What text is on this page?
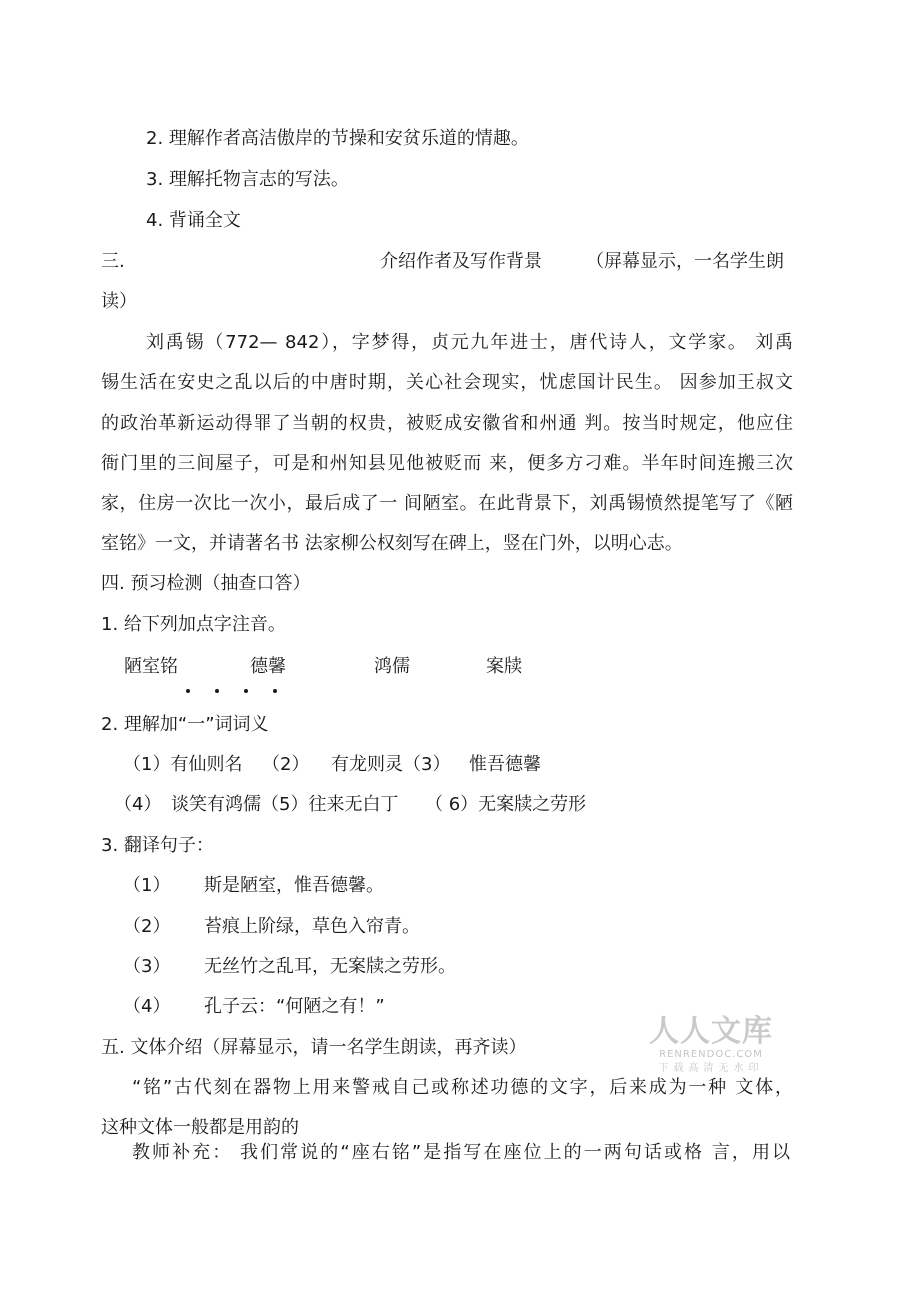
2. 理解作者高洁傲岸的节操和安贫乐道的情趣。
3. 理解托物言志的写法。
4. 背诵全文
三.	介绍作者及写作背景 （屏幕显示，一名学生朗
读）
刘禹锡（772— 842），字梦得，贞元九年进士，唐代诗人，文学家。 刘禹
锡生活在安史之乱以后的中唐时期，关心社会现实，忧虑国计民生。 因参加王叔文
的政治革新运动得罪了当朝的权贵，被贬成安徽省和州通 判。按当时规定，他应住
衙门里的三间屋子，可是和州知县见他被贬而 来，便多方刁难。半年时间连搬三次
家，住房一次比一次小，最后成了一 间陋室。在此背景下，刘禹锡愤然提笔写了《陋
室铭》一文，并请著名书 法家柳公权刻写在碑上，竖在门外，以明心志。
四. 预习检测（抽查口答）
1. 给下列加点字注音。
陋室铭	德馨	鸿儒	案牍
2. 理解加“一”词词义
（1）有仙则名 （2） 有龙则灵（3） 惟吾德馨
（4） 谈笑有鸿儒（5）往来无白丁 （ 6）无案牍之劳形
3. 翻译句子：
（1） 斯是陋室，惟吾德馨。
（2） 苔痕上阶绿，草色入帘青。
（3） 无丝竹之乱耳，无案牍之劳形。
（4） 孔子云：“何陋之有！”
五. 文体介绍（屏幕显示，请一名学生朗读，再齐读）
“铭”古代刻在器物上用来警戒自己或称述功德的文字，后来成为一种 文体，
这种文体一般都是用韵的
教师补充： 我们常说的“座右铭”是指写在座位上的一两句话或格 言，用以
人人文库
RENRENDOC.COM
下载高清无水印
